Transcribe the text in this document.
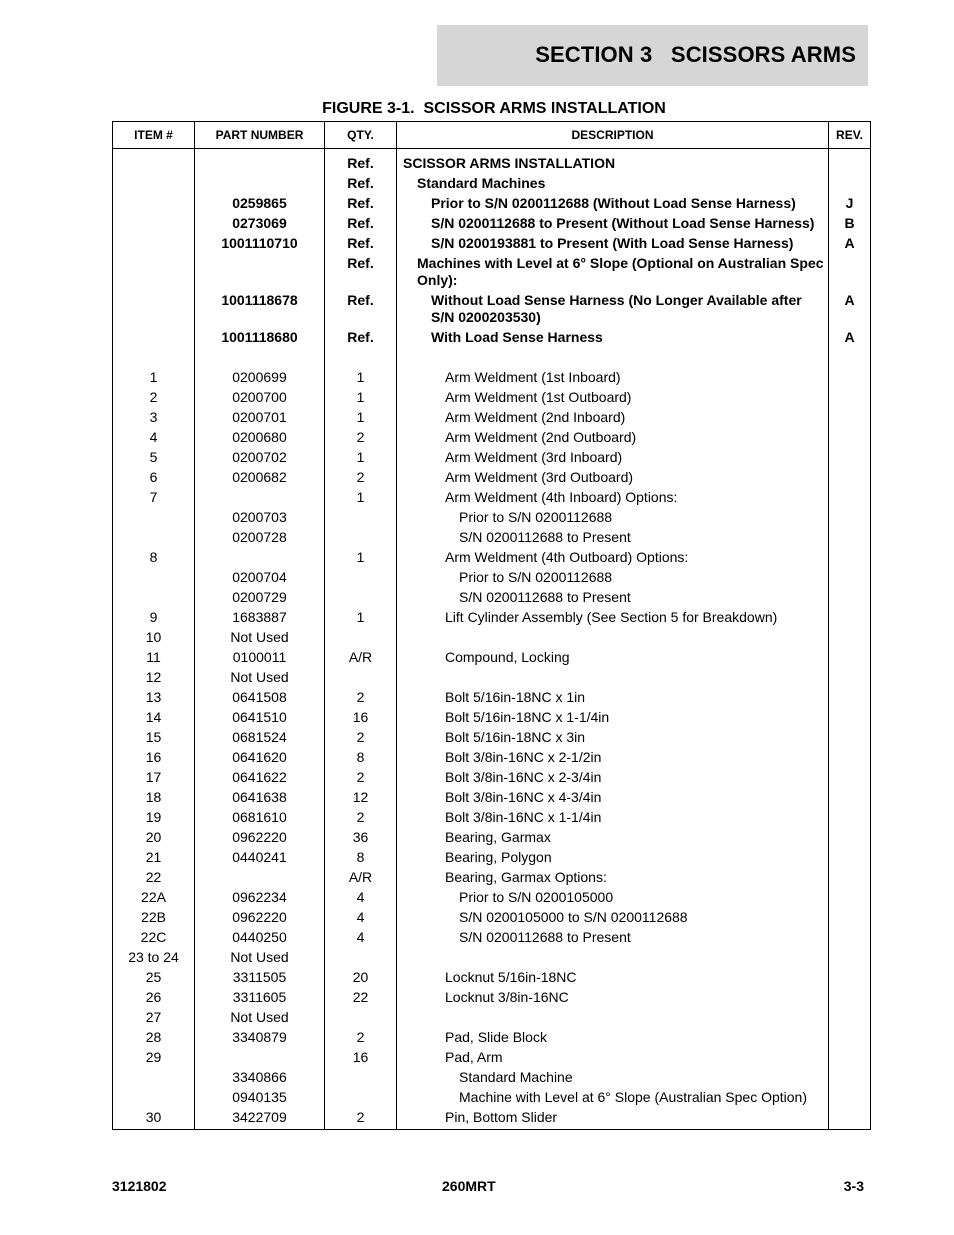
SECTION 3   SCISSORS ARMS
FIGURE 3-1.  SCISSOR ARMS INSTALLATION
ITEM #	PART NUMBER	QTY.	DESCRIPTION	REV.
		Ref.	SCISSOR ARMS INSTALLATION	
		Ref.	Standard Machines	
	0259865	Ref.	Prior to S/N 0200112688 (Without Load Sense Harness)	J
	0273069	Ref.	S/N 0200112688 to Present (Without Load Sense Harness)	B
	1001110710	Ref.	S/N 0200193881 to Present (With Load Sense Harness)	A
		Ref.	Machines with Level at 6° Slope (Optional on Australian Spec Only):	
	1001118678	Ref.	Without Load Sense Harness (No Longer Available after S/N 0200203530)	A
	1001118680	Ref.	With Load Sense Harness	A

1	0200699	1	Arm Weldment (1st Inboard)	
2	0200700	1	Arm Weldment (1st Outboard)	
3	0200701	1	Arm Weldment (2nd Inboard)	
4	0200680	2	Arm Weldment (2nd Outboard)	
5	0200702	1	Arm Weldment (3rd Inboard)	
6	0200682	2	Arm Weldment (3rd Outboard)	
7		1	Arm Weldment (4th Inboard) Options:	
	0200703		Prior to S/N 0200112688	
	0200728		S/N 0200112688 to Present	
8		1	Arm Weldment (4th Outboard) Options:	
	0200704		Prior to S/N 0200112688	
	0200729		S/N 0200112688 to Present	
9	1683887	1	Lift Cylinder Assembly (See Section 5 for Breakdown)	
10	Not Used			
11	0100011	A/R	Compound, Locking	
12	Not Used			
13	0641508	2	Bolt 5/16in-18NC x 1in	
14	0641510	16	Bolt 5/16in-18NC x 1-1/4in	
15	0681524	2	Bolt 5/16in-18NC x 3in	
16	0641620	8	Bolt 3/8in-16NC x 2-1/2in	
17	0641622	2	Bolt 3/8in-16NC x 2-3/4in	
18	0641638	12	Bolt 3/8in-16NC x 4-3/4in	
19	0681610	2	Bolt 3/8in-16NC x 1-1/4in	
20	0962220	36	Bearing, Garmax	
21	0440241	8	Bearing, Polygon	
22		A/R	Bearing, Garmax Options:	
22A	0962234	4	Prior to S/N 0200105000	
22B	0962220	4	S/N 0200105000 to S/N 0200112688	
22C	0440250	4	S/N 0200112688 to Present	
23 to 24	Not Used			
25	3311505	20	Locknut 5/16in-18NC	
26	3311605	22	Locknut 3/8in-16NC	
27	Not Used			
28	3340879	2	Pad, Slide Block	
29		16	Pad, Arm	
	3340866		Standard Machine	
	0940135		Machine with Level at 6° Slope (Australian Spec Option)	
30	3422709	2	Pin, Bottom Slider	
3121802	260MRT	3-3
